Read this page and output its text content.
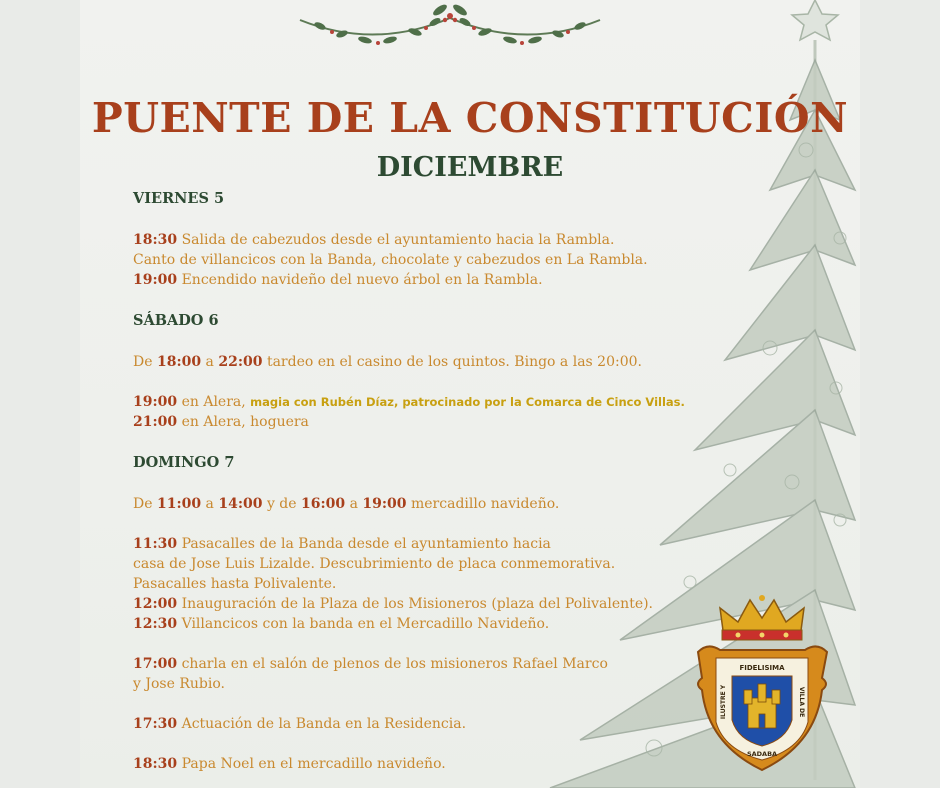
PUENTE DE LA CONSTITUCIÓN
DICIEMBRE
VIERNES 5
18:30 Salida de cabezudos desde el ayuntamiento hacia la Rambla.
Canto de villancicos con la Banda, chocolate y cabezudos en La Rambla.
19:00 Encendido navideño del nuevo árbol en la Rambla.
SÁBADO 6
De 18:00 a 22:00 tardeo en el casino de los quintos. Bingo a las 20:00.
19:00 en Alera, magia con Rubén Díaz, patrocinado por la Comarca de Cinco Villas.
21:00 en Alera, hoguera
DOMINGO 7
De 11:00 a 14:00 y de 16:00 a 19:00 mercadillo navideño.
11:30 Pasacalles de la Banda desde el ayuntamiento hacia
casa de Jose Luis Lizalde. Descubrimiento de placa conmemorativa.
Pasacalles hasta Polivalente.
12:00 Inauguración de la Plaza de los Misioneros (plaza del Polivalente).
12:30 Villancicos con la banda en el Mercadillo Navideño.
17:00 charla en el salón de plenos de los misioneros Rafael Marco
y Jose Rubio.
17:30 Actuación de la Banda en la Residencia.
18:30 Papa Noel en el mercadillo navideño.
FIDELISIMA
ILUSTRE Y	VILLA DE
SADABA
